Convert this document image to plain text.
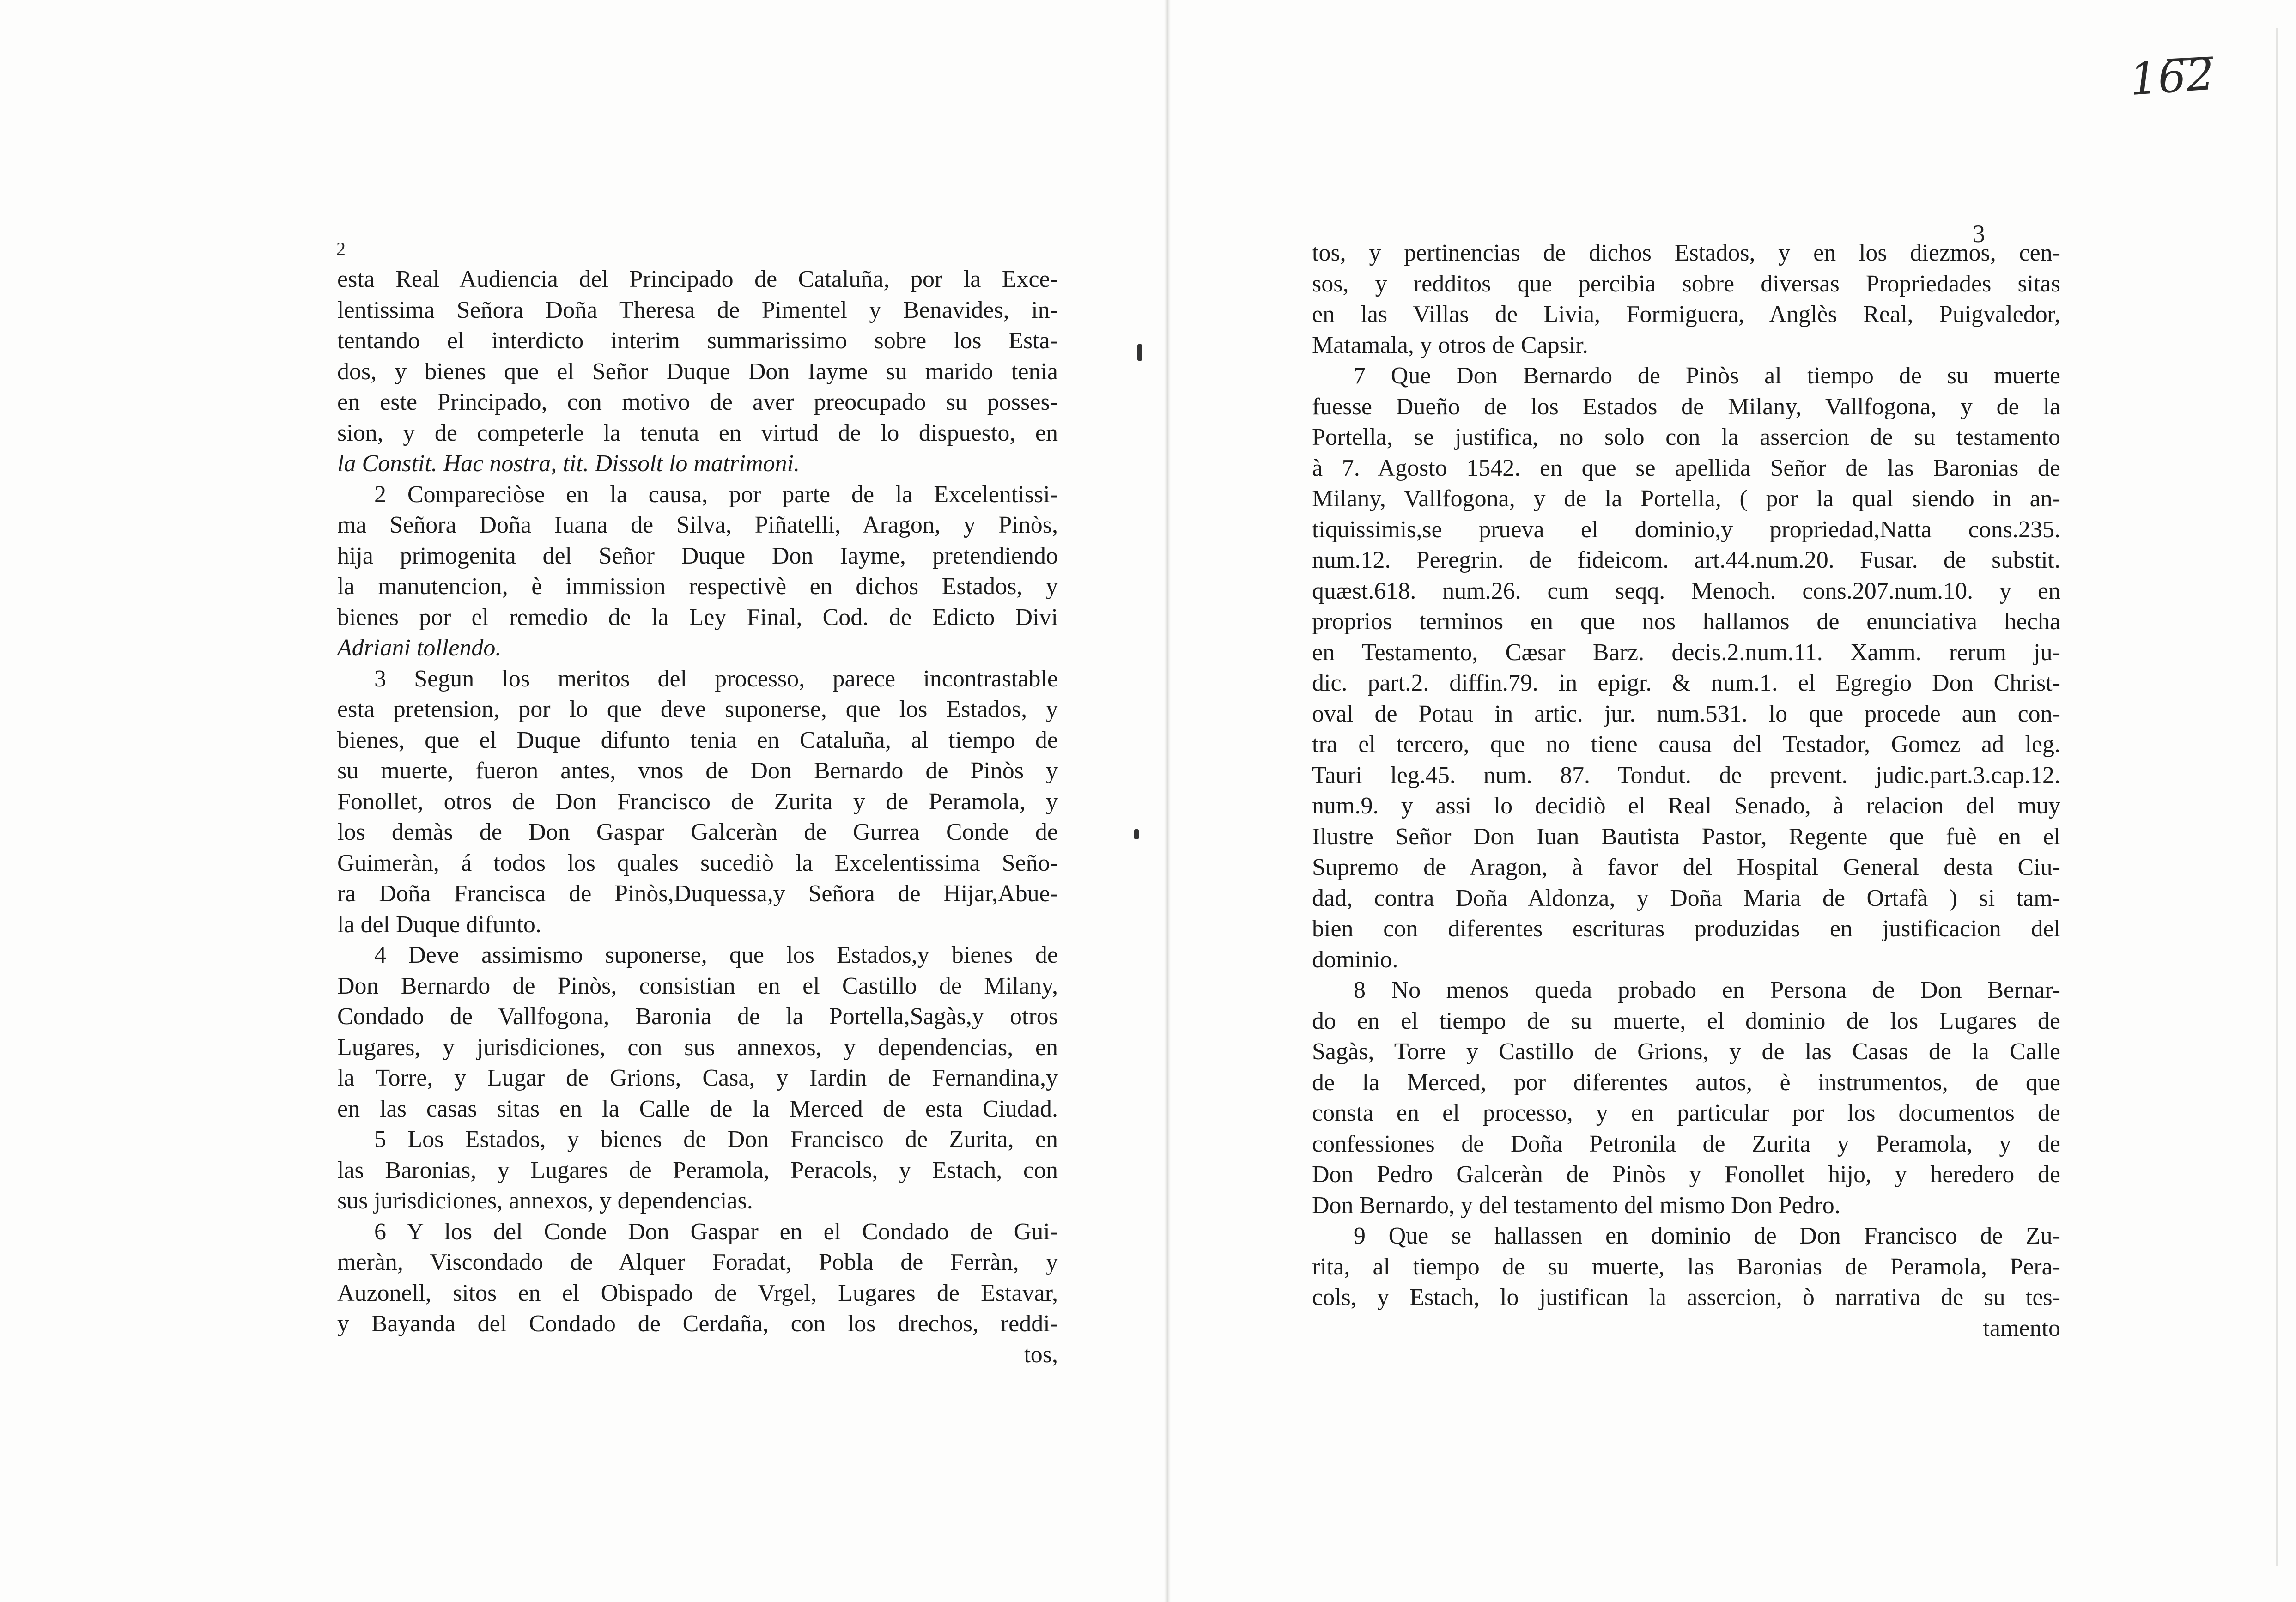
162
2
esta Real Audiencia del Principado de Cataluña, por la Exce-
lentissima Señora Doña Theresa de Pimentel y Benavides, in-
tentando el interdicto interim summarissimo sobre los Esta-
dos, y bienes que el Señor Duque Don Iayme su marido tenia
en este Principado, con motivo de aver preocupado su posses-
sion, y de competerle la tenuta en virtud de lo dispuesto, en
la Constit. Hac nostra, tit. Dissolt lo matrimoni.
2 Compareciòse en la causa, por parte de la Excelentissi-
ma Señora Doña Iuana de Silva, Piñatelli, Aragon, y Pinòs,
hija primogenita del Señor Duque Don Iayme, pretendiendo
la manutencion, è immission respectivè en dichos Estados, y
bienes por el remedio de la Ley Final, Cod. de Edicto Divi
Adriani tollendo.
3 Segun los meritos del processo, parece incontrastable
esta pretension, por lo que deve suponerse, que los Estados, y
bienes, que el Duque difunto tenia en Cataluña, al tiempo de
su muerte, fueron antes, vnos de Don Bernardo de Pinòs y
Fonollet, otros de Don Francisco de Zurita y de Peramola, y
los demàs de Don Gaspar Galceràn de Gurrea Conde de
Guimeràn, á todos los quales sucediò la Excelentissima Seño-
ra Doña Francisca de Pinòs,Duquessa,y Señora de Hijar,Abue-
la del Duque difunto.
4 Deve assimismo suponerse, que los Estados,y bienes de
Don Bernardo de Pinòs, consistian en el Castillo de Milany,
Condado de Vallfogona, Baronia de la Portella,Sagàs,y otros
Lugares, y jurisdiciones, con sus annexos, y dependencias, en
la Torre, y Lugar de Grions, Casa, y Iardin de Fernandina,y
en las casas sitas en la Calle de la Merced de esta Ciudad.
5 Los Estados, y bienes de Don Francisco de Zurita, en
las Baronias, y Lugares de Peramola, Peracols, y Estach, con
sus jurisdiciones, annexos, y dependencias.
6 Y los del Conde Don Gaspar en el Condado de Gui-
meràn, Viscondado de Alquer Foradat, Pobla de Ferràn, y
Auzonell, sitos en el Obispado de Vrgel, Lugares de Estavar,
y Bayanda del Condado de Cerdaña, con los drechos, reddi-
tos,
3
tos, y pertinencias de dichos Estados, y en los diezmos, cen-
sos, y redditos que percibia sobre diversas Propriedades sitas
en las Villas de Livia, Formiguera, Anglès Real, Puigvaledor,
Matamala, y otros de Capsir.
7 Que Don Bernardo de Pinòs al tiempo de su muerte
fuesse Dueño de los Estados de Milany, Vallfogona, y de la
Portella, se justifica, no solo con la assercion de su testamento
à 7. Agosto 1542. en que se apellida Señor de las Baronias de
Milany, Vallfogona, y de la Portella, ( por la qual siendo in an-
tiquissimis,se prueva el dominio,y propriedad,Natta cons.235.
num.12. Peregrin. de fideicom. art.44.num.20. Fusar. de substit.
quæst.618. num.26. cum seqq. Menoch. cons.207.num.10. y en
proprios terminos en que nos hallamos de enunciativa hecha
en Testamento, Cæsar Barz. decis.2.num.11. Xamm. rerum ju-
dic. part.2. diffin.79. in epigr. & num.1. el Egregio Don Christ-
oval de Potau in artic. jur. num.531. lo que procede aun con-
tra el tercero, que no tiene causa del Testador, Gomez ad leg.
Tauri leg.45. num. 87. Tondut. de prevent. judic.part.3.cap.12.
num.9. y assi lo decidiò el Real Senado, à relacion del muy
Ilustre Señor Don Iuan Bautista Pastor, Regente que fuè en el
Supremo de Aragon, à favor del Hospital General desta Ciu-
dad, contra Doña Aldonza, y Doña Maria de Ortafà ) si tam-
bien con diferentes escrituras produzidas en justificacion del
dominio.
8 No menos queda probado en Persona de Don Bernar-
do en el tiempo de su muerte, el dominio de los Lugares de
Sagàs, Torre y Castillo de Grions, y de las Casas de la Calle
de la Merced, por diferentes autos, è instrumentos, de que
consta en el processo, y en particular por los documentos de
confessiones de Doña Petronila de Zurita y Peramola, y de
Don Pedro Galceràn de Pinòs y Fonollet hijo, y heredero de
Don Bernardo, y del testamento del mismo Don Pedro.
9 Que se hallassen en dominio de Don Francisco de Zu-
rita, al tiempo de su muerte, las Baronias de Peramola, Pera-
cols, y Estach, lo justifican la assercion, ò narrativa de su tes-
tamento
